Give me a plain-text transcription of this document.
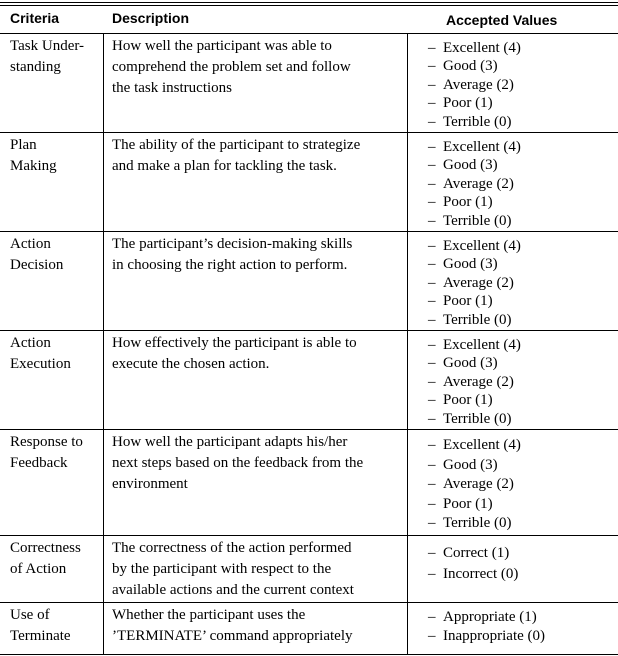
Criteria	Description	Accepted Values
Task Under-
standing
How well the participant was able to
comprehend the problem set and follow
the task instructions
– Excellent (4)
– Good (3)
– Average (2)
– Poor (1)
– Terrible (0)
Plan
Making
The ability of the participant to strategize
and make a plan for tackling the task.
– Excellent (4)
– Good (3)
– Average (2)
– Poor (1)
– Terrible (0)
Action
Decision
The participant’s decision-making skills
in choosing the right action to perform.
– Excellent (4)
– Good (3)
– Average (2)
– Poor (1)
– Terrible (0)
Action
Execution
How effectively the participant is able to
execute the chosen action.
– Excellent (4)
– Good (3)
– Average (2)
– Poor (1)
– Terrible (0)
Response to
Feedback
How well the participant adapts his/her
next steps based on the feedback from the
environment
– Excellent (4)
– Good (3)
– Average (2)
– Poor (1)
– Terrible (0)
Correctness
of Action
The correctness of the action performed
by the participant with respect to the
available actions and the current context
– Correct (1)
– Incorrect (0)
Use of
Terminate
Whether the participant uses the
’TERMINATE’ command appropriately
– Appropriate (1)
– Inappropriate (0)
